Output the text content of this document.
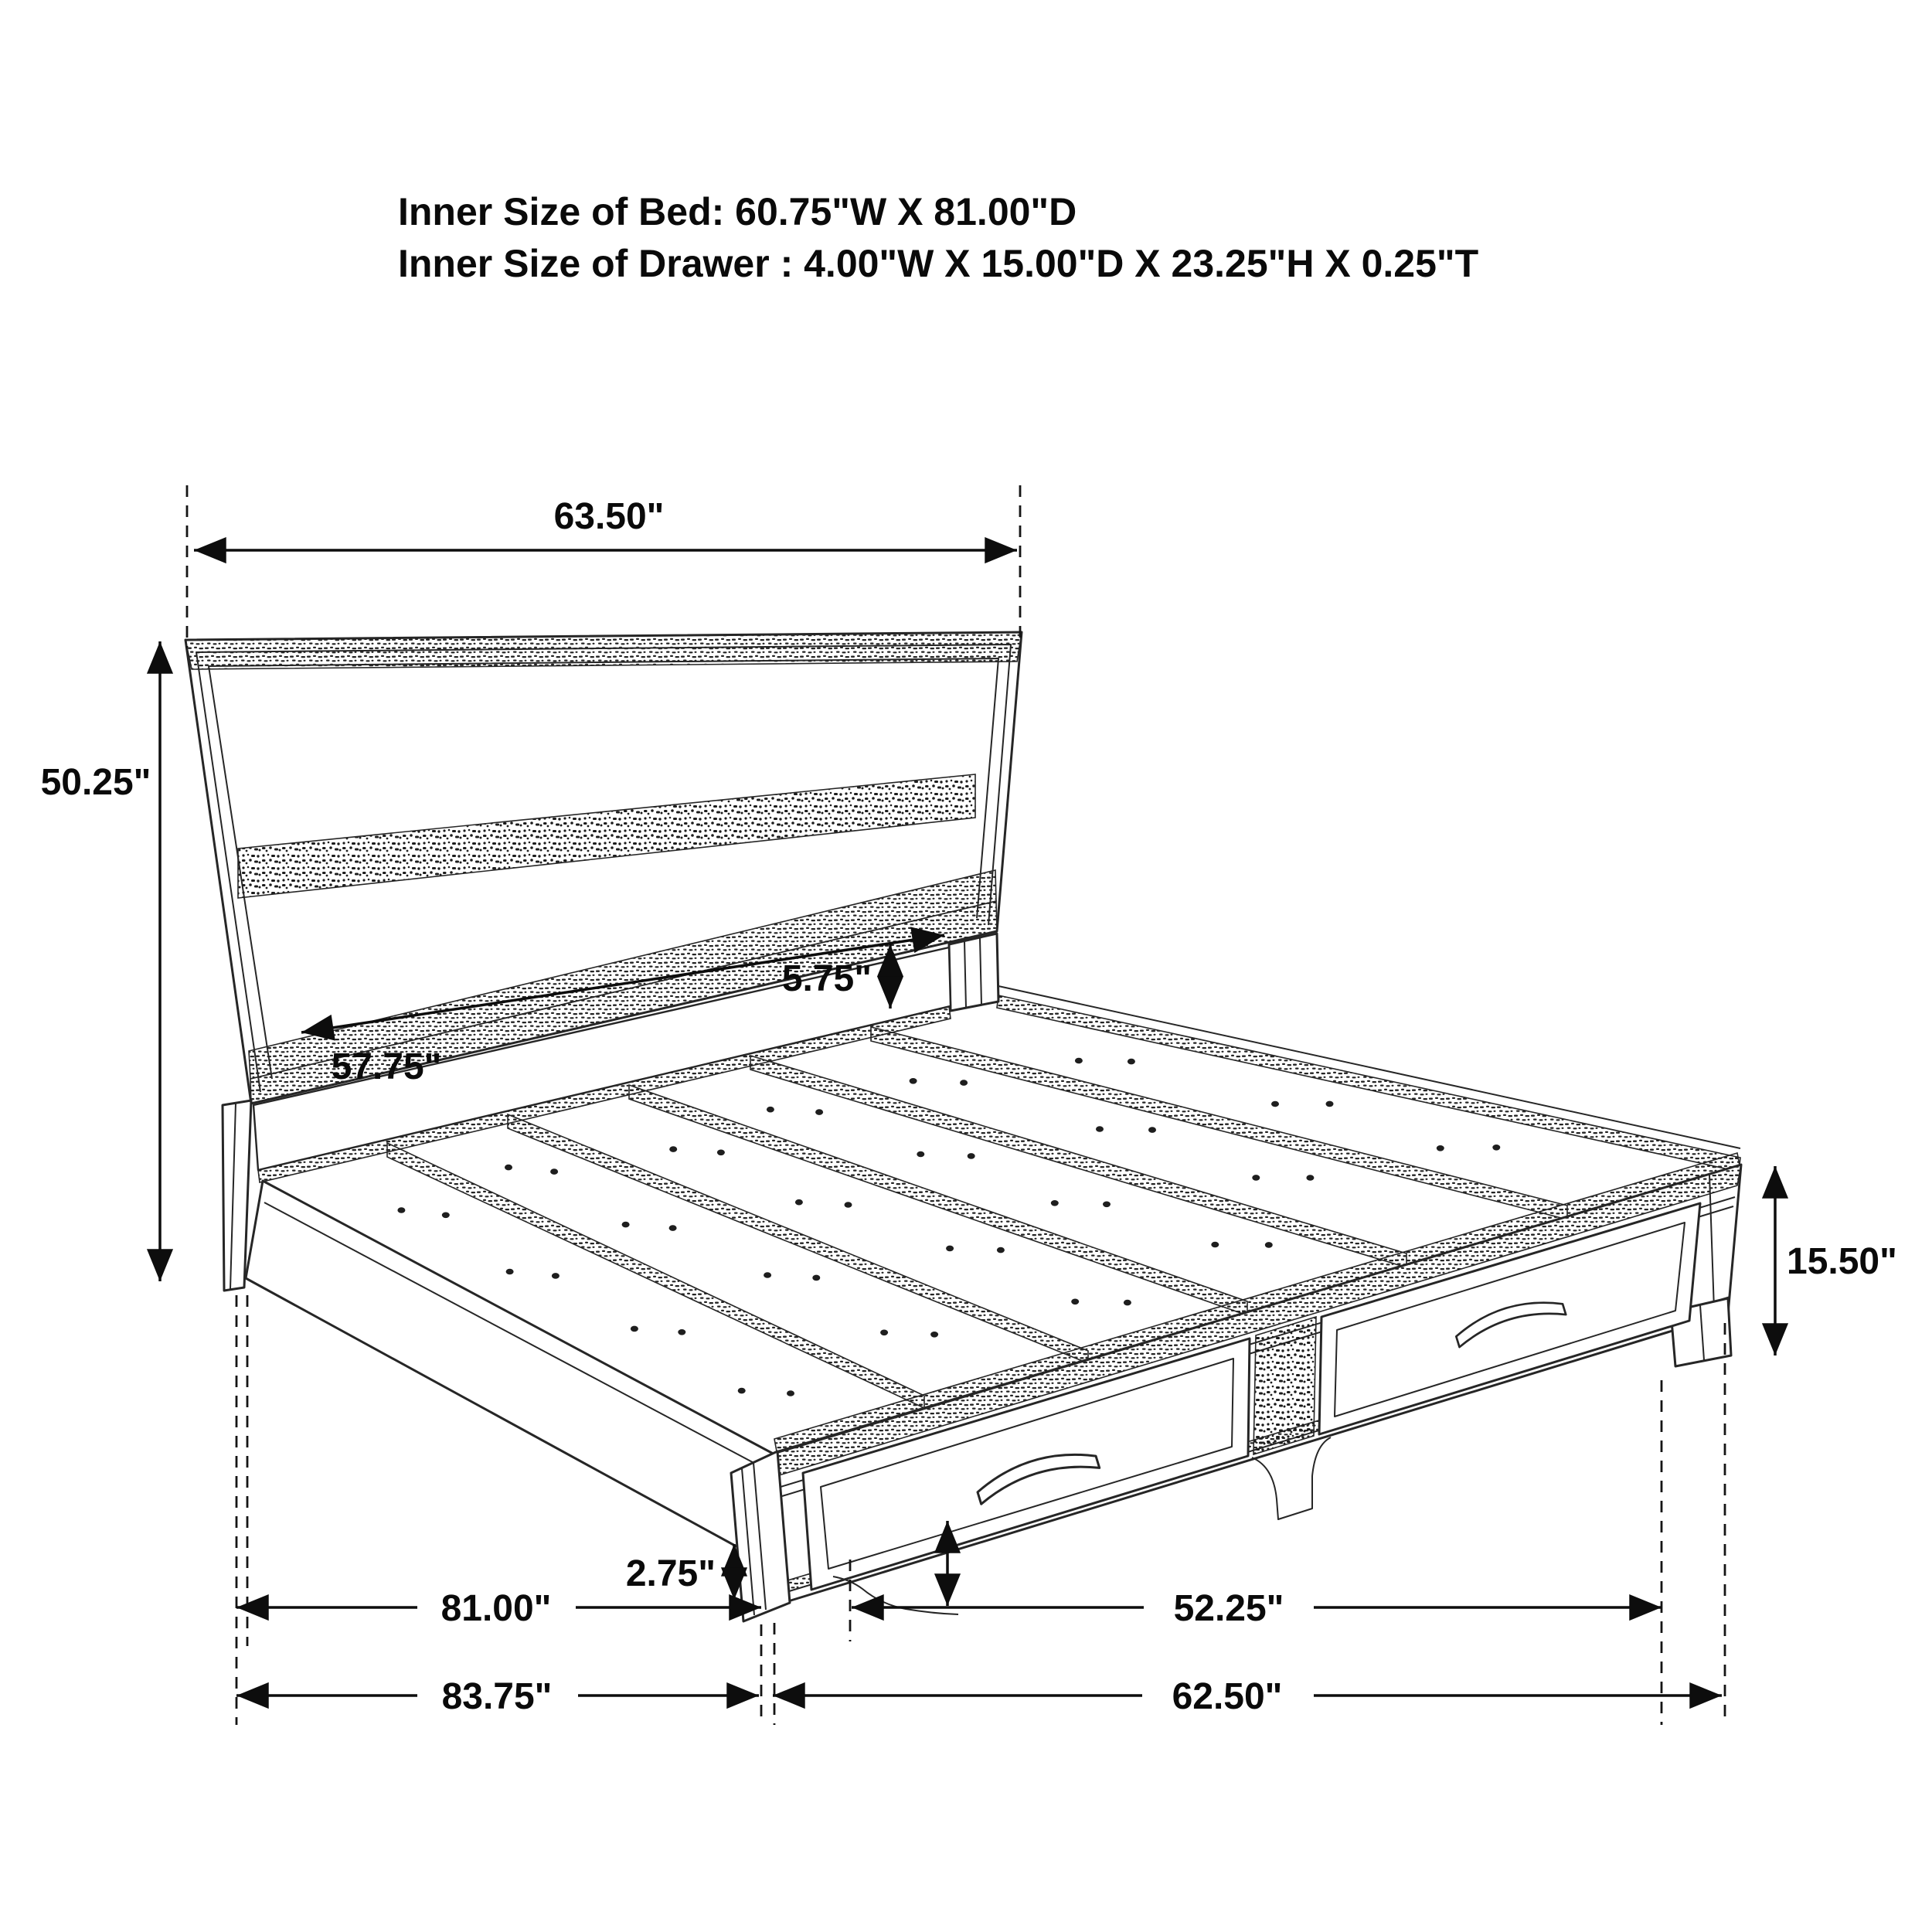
63.50"
50.25"
57.75"
5.75"
15.50"
2.75"
81.00"	52.25"
83.75"	62.50"
Inner Size of Bed: 60.75"W X 81.00"D
Inner Size of Drawer : 4.00"W X 15.00"D X 23.25"H X 0.25"T
